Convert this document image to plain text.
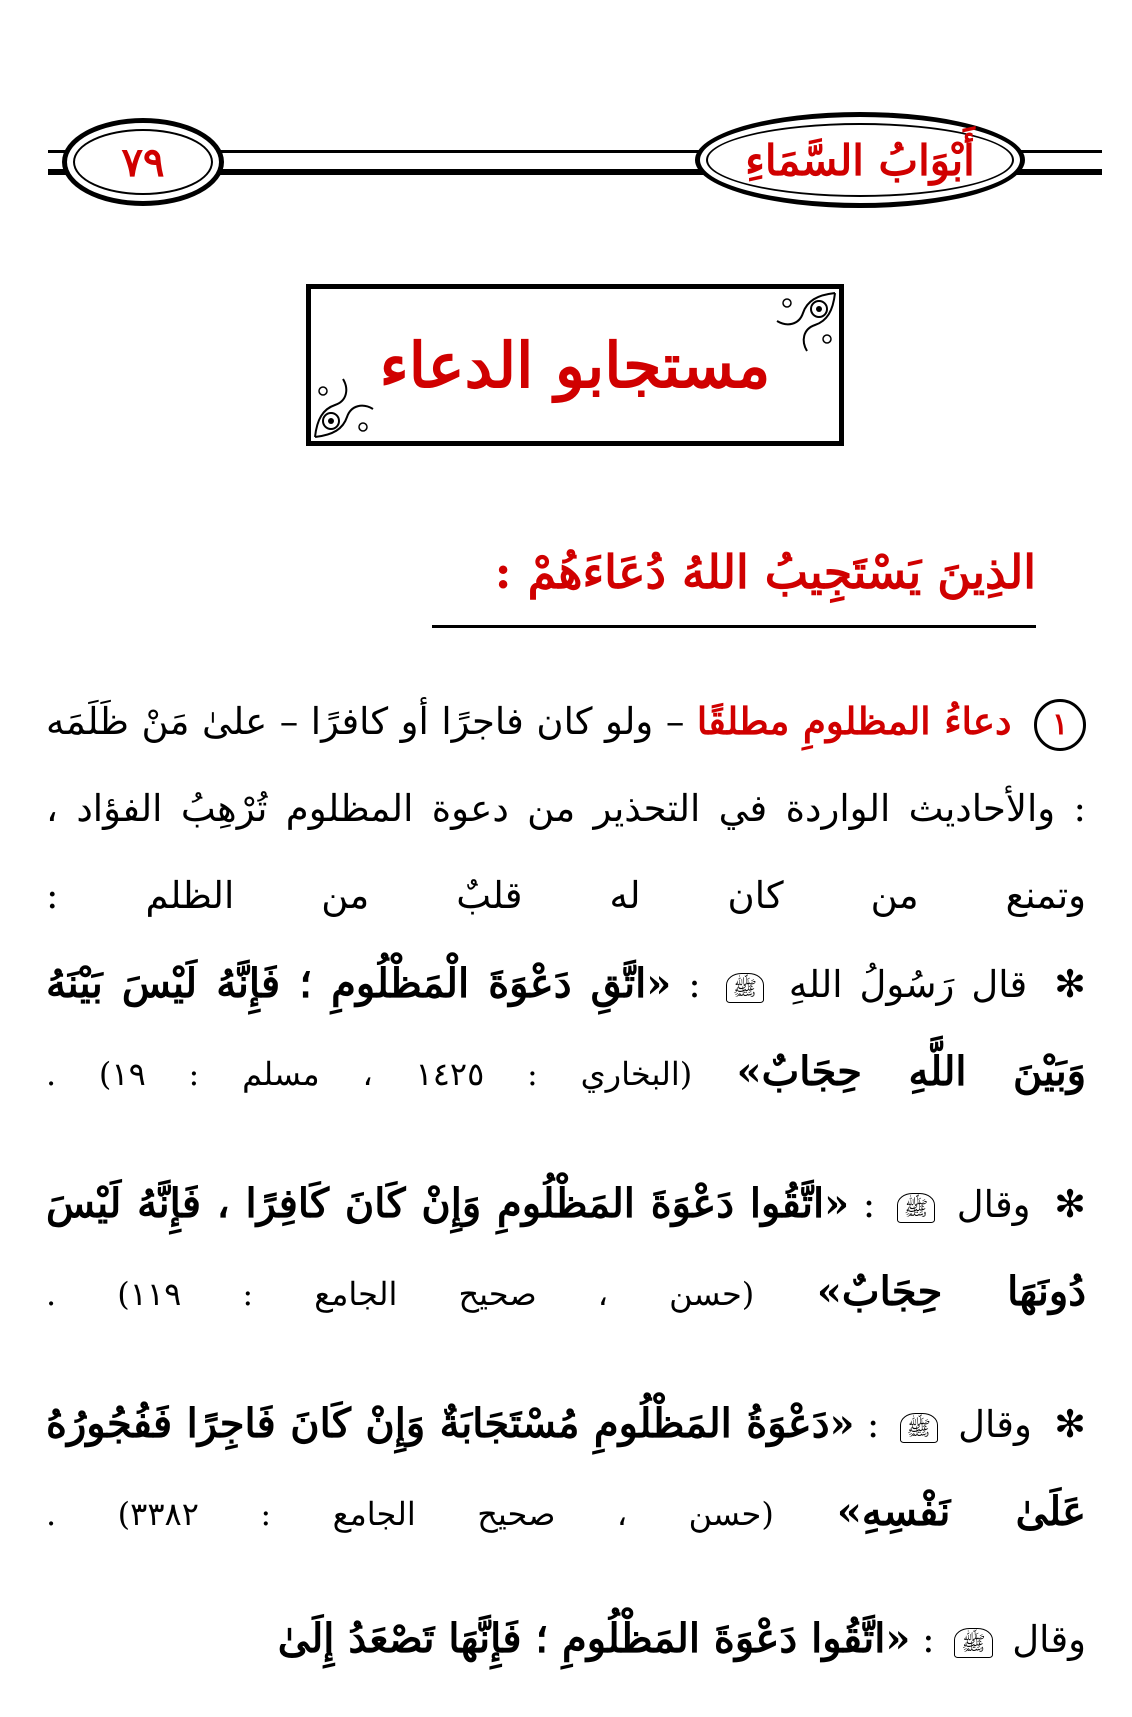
٧٩	أَبْوَابُ السَّمَاءِ
مستجابو الدعاء
الذِينَ يَسْتَجِيبُ اللهُ دُعَاءَهُمْ :

١ دعاءُ المظلومِ مطلقًا – ولو كان فاجرًا أو كافرًا – علىٰ مَنْ ظَلَمَه : والأحاديث الواردة في التحذير من دعوة المظلوم تُرْهِبُ الفؤاد ، وتمنع من كان له قلبٌ من الظلم :

✻ قال رَسُولُ اللهِ ﷺ : «اتَّقِ دَعْوَةَ الْمَظْلُومِ ؛ فَإِنَّهُ لَيْسَ بَيْنَهُ وَبَيْنَ اللَّهِ حِجَابٌ» (البخاري : ١٤٢٥ ، مسلم : ١٩) .

✻ وقال ﷺ : «اتَّقُوا دَعْوَةَ المَظْلُومِ وَإِنْ كَانَ كَافِرًا ، فَإِنَّهُ لَيْسَ دُونَهَا حِجَابٌ» (حسن ، صحيح الجامع : ١١٩) .

✻ وقال ﷺ : «دَعْوَةُ المَظْلُومِ مُسْتَجَابَةٌ وَإِنْ كَانَ فَاجِرًا فَفُجُورُهُ عَلَىٰ نَفْسِهِ» (حسن ، صحيح الجامع : ٣٣٨٢) .

وقال ﷺ : «اتَّقُوا دَعْوَةَ المَظْلُومِ ؛ فَإِنَّهَا تَصْعَدُ إِلَىٰ
